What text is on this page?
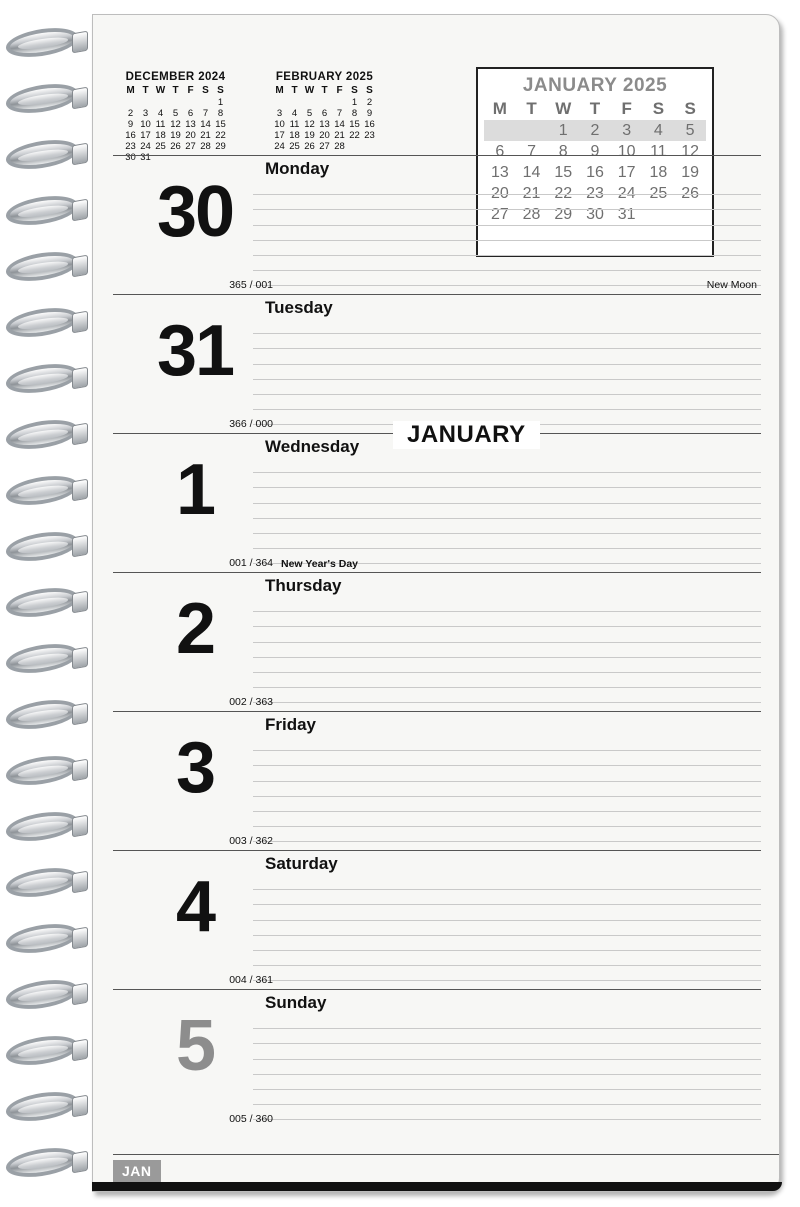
DECEMBER 2024
M	T	W	T	F	S	S
						1
2	3	4	5	6	7	8
9	10	11	12	13	14	15
16	17	18	19	20	21	22
23	24	25	26	27	28	29
30	31					
FEBRUARY 2025
M	T	W	T	F	S	S
					1	2
3	4	5	6	7	8	9
10	11	12	13	14	15	16
17	18	19	20	21	22	23
24	25	26	27	28		
JANUARY 2025
M	T	W	T	F	S	S
		1	2	3	4	5
6	7	8	9	10	11	12
13	14	15	16	17	18	19
20	21	22	23	24	25	26
27	28	29	30	31		
Monday
30
365 / 001	New Moon
Tuesday
31
366 / 000	JANUARY
Wednesday
1
001 / 364 New Year's Day
Thursday
2
002 / 363
Friday
3
003 / 362
Saturday
4
004 / 361
Sunday
5
005 / 360
JAN
